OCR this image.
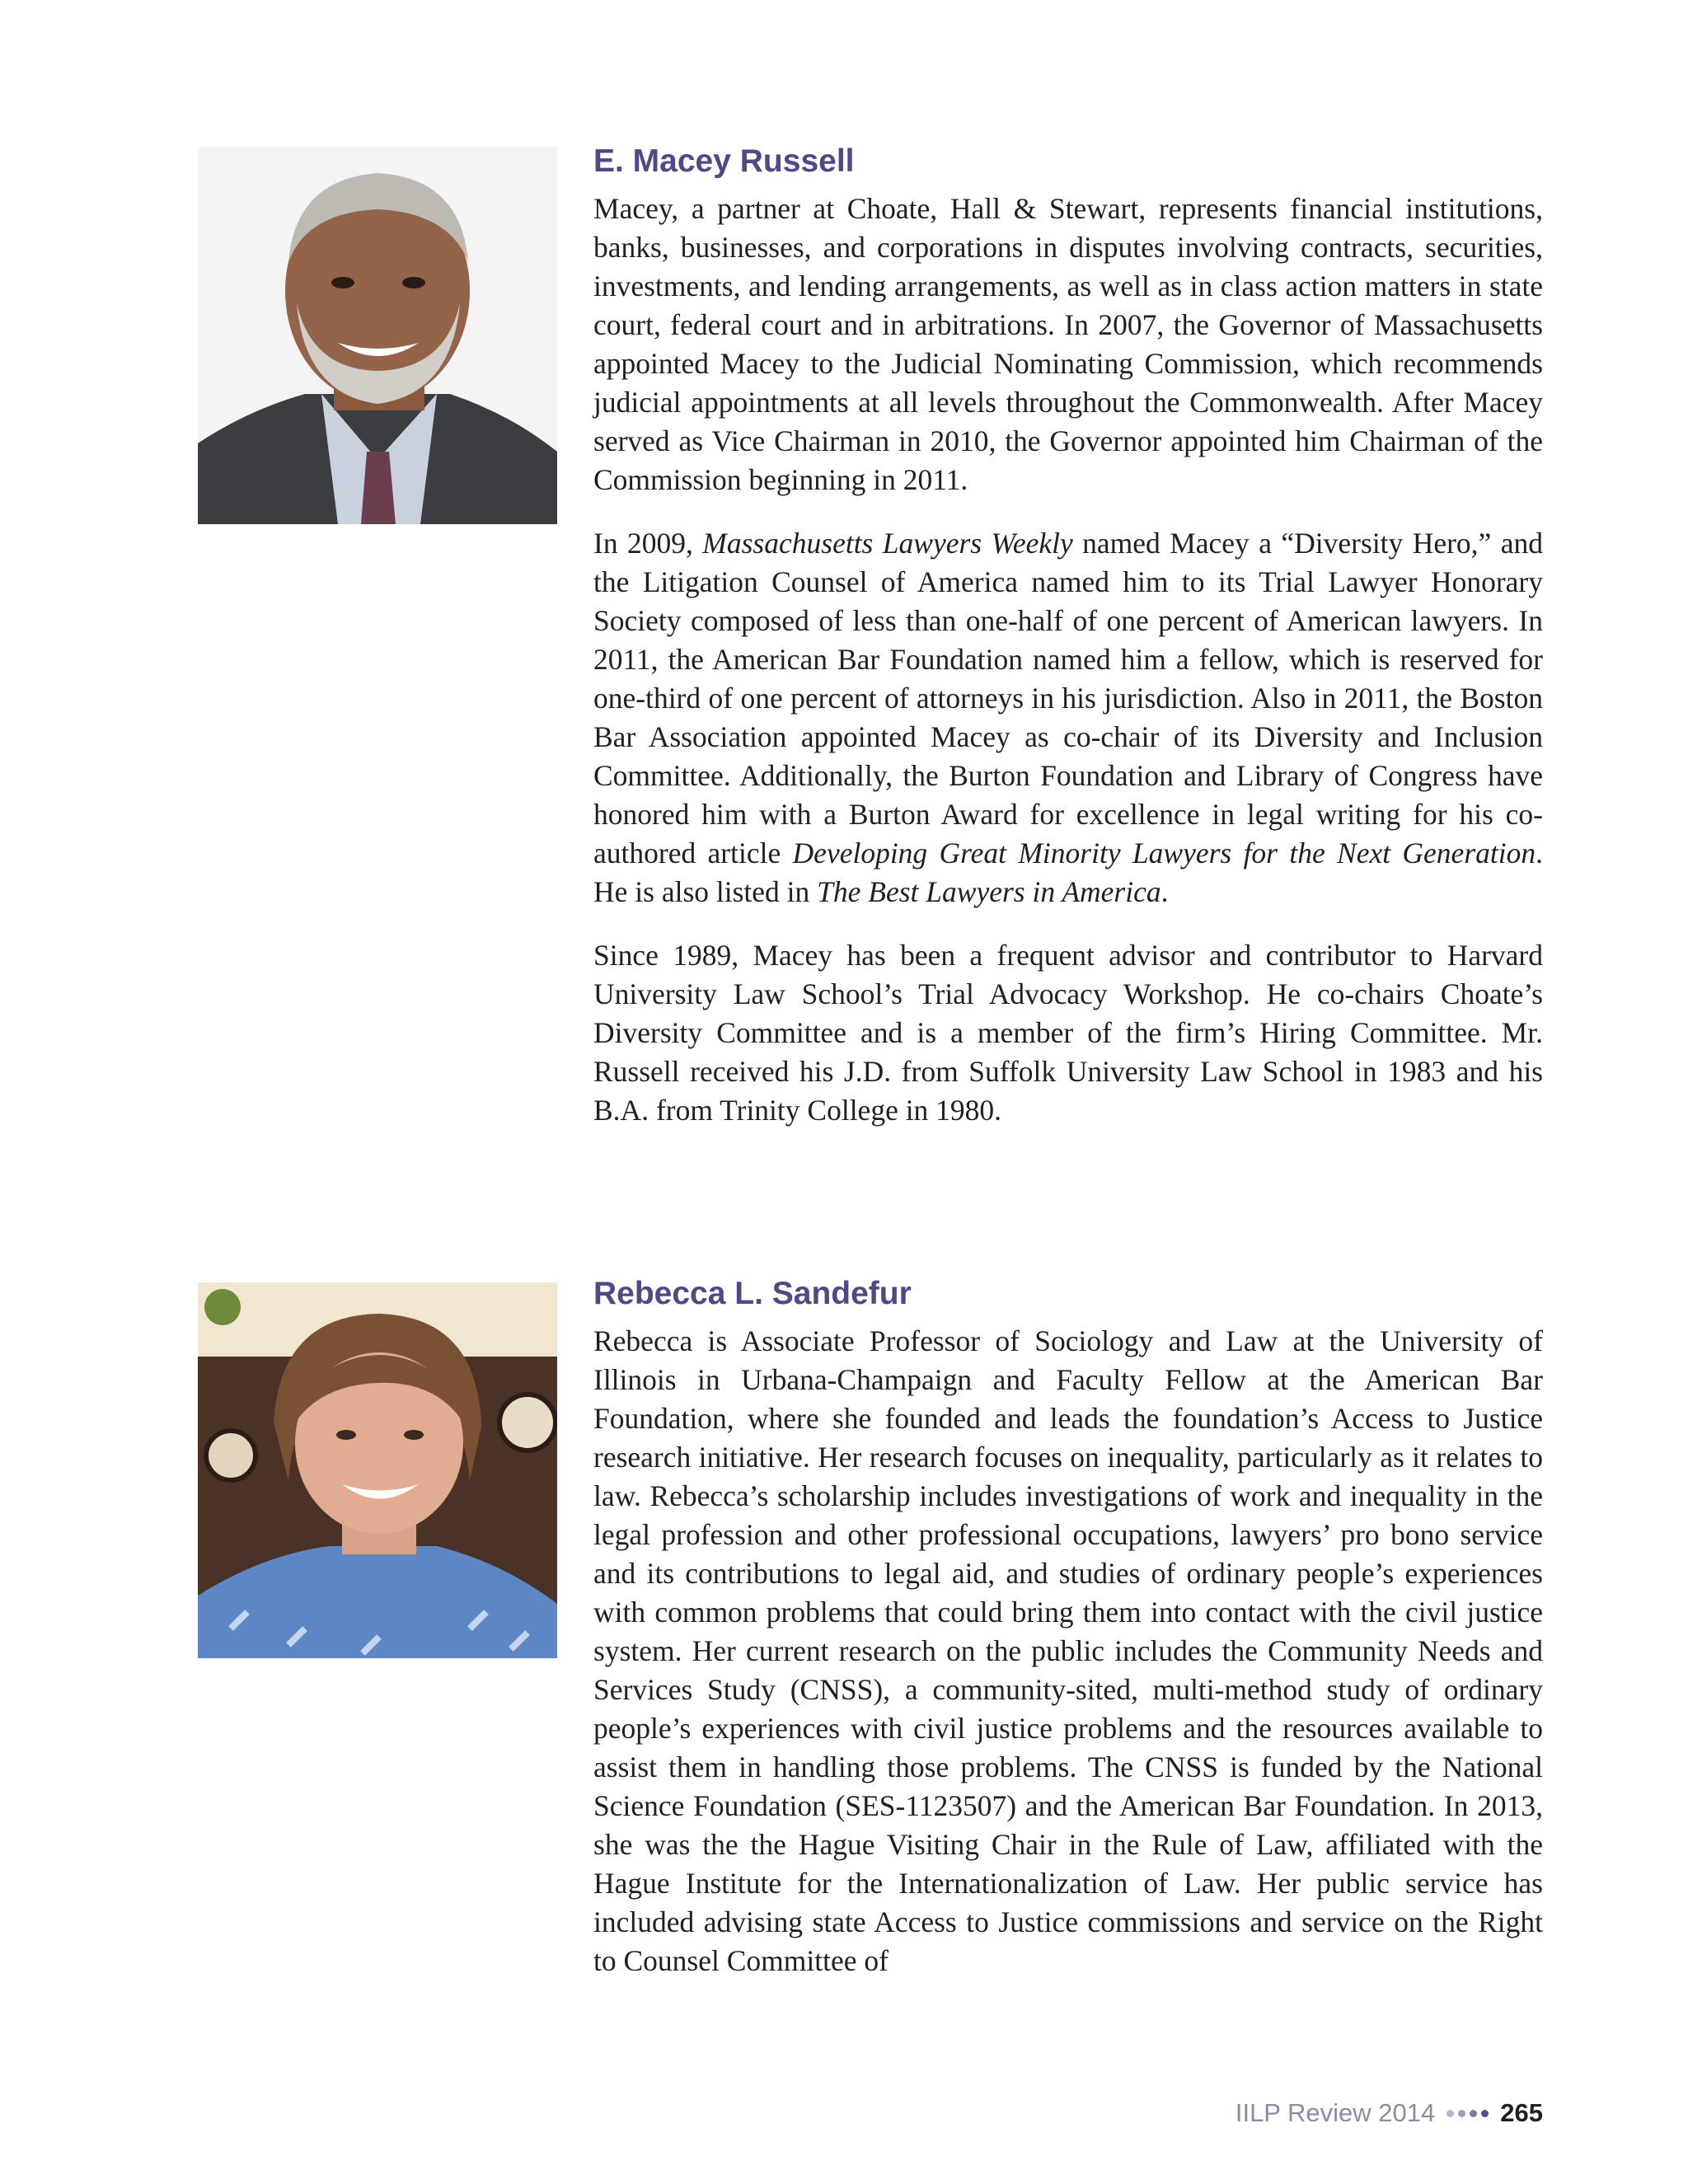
E. Macey Russell

Macey, a partner at Choate, Hall & Stewart, represents financial institutions, banks, businesses, and corporations in disputes involving contracts, securities, investments, and lending arrangements, as well as in class action matters in state court, federal court and in arbitrations. In 2007, the Governor of Massachusetts appointed Macey to the Judicial Nominating Commission, which recommends judicial appointments at all levels throughout the Commonwealth. After Macey served as Vice Chairman in 2010, the Governor appointed him Chairman of the Commission beginning in 2011.

In 2009, Massachusetts Lawyers Weekly named Macey a “Diversity Hero,” and the Litigation Counsel of America named him to its Trial Lawyer Honorary Society composed of less than one-half of one percent of American lawyers. In 2011, the American Bar Foundation named him a fellow, which is reserved for one-third of one percent of attorneys in his jurisdiction. Also in 2011, the Boston Bar Association appointed Macey as co-chair of its Diversity and Inclusion Committee. Additionally, the Burton Foundation and Library of Congress have honored him with a Burton Award for excellence in legal writing for his co-authored article Developing Great Minority Lawyers for the Next Generation. He is also listed in The Best Lawyers in America.

Since 1989, Macey has been a frequent advisor and contributor to Harvard University Law School’s Trial Advocacy Workshop. He co-chairs Choate’s Diversity Committee and is a member of the firm’s Hiring Committee. Mr. Russell received his J.D. from Suffolk University Law School in 1983 and his B.A. from Trinity College in 1980.

Rebecca L. Sandefur

Rebecca is Associate Professor of Sociology and Law at the University of Illinois in Urbana-Champaign and Faculty Fellow at the American Bar Foundation, where she founded and leads the foundation’s Access to Justice research initiative. Her research focuses on inequality, particularly as it relates to law. Rebecca’s scholarship includes investigations of work and inequality in the legal profession and other professional occupations, lawyers’ pro bono service and its contributions to legal aid, and studies of ordinary people’s experiences with common problems that could bring them into contact with the civil justice system. Her current research on the public includes the Community Needs and Services Study (CNSS), a community-sited, multi-method study of ordinary people’s experiences with civil justice problems and the resources available to assist them in handling those problems. The CNSS is funded by the National Science Foundation (SES-1123507) and the American Bar Foundation. In 2013, she was the the Hague Visiting Chair in the Rule of Law, affiliated with the Hague Institute for the Internationalization of Law. Her public service has included advising state Access to Justice commissions and service on the Right to Counsel Committee of

IILP Review 2014	265
